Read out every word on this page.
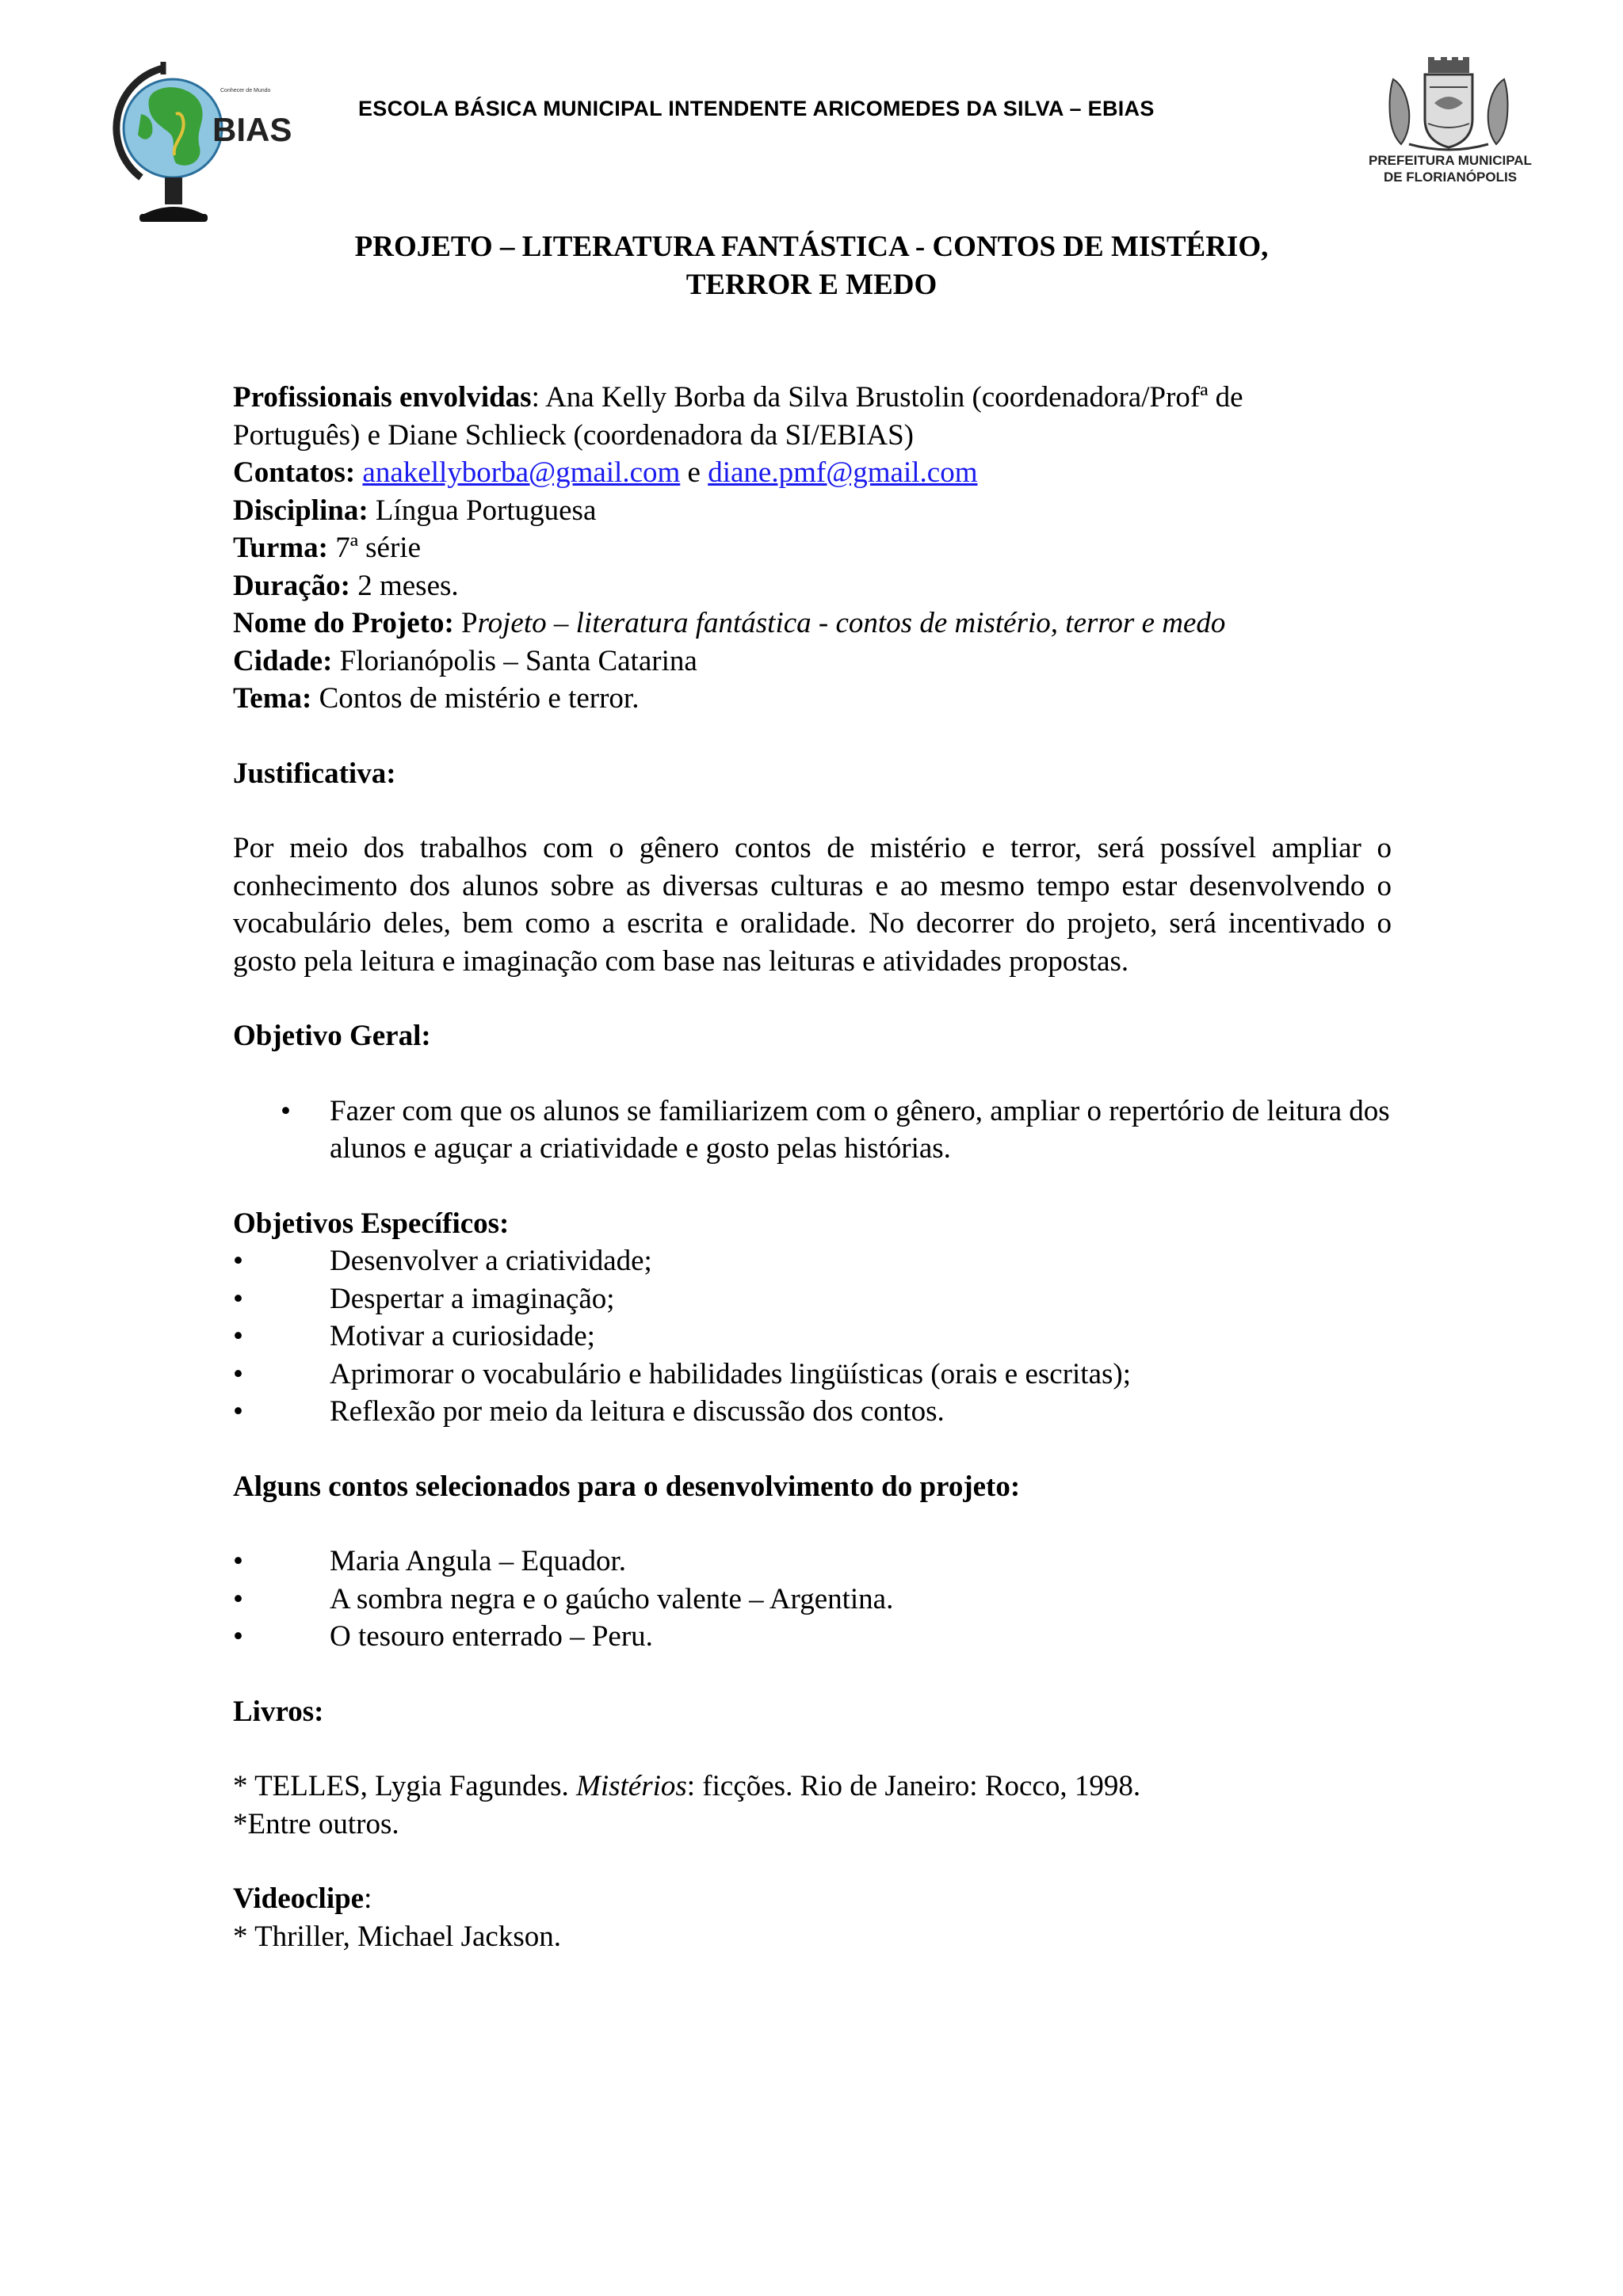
Conhecer de Mundo
BIAS
ESCOLA BÁSICA MUNICIPAL INTENDENTE ARICOMEDES DA SILVA – EBIAS
PREFEITURA MUNICIPAL
DE FLORIANÓPOLIS
PROJETO – LITERATURA FANTÁSTICA - CONTOS DE MISTÉRIO,
TERROR E MEDO

Profissionais envolvidas: Ana Kelly Borba da Silva Brustolin (coordenadora/Profª de

Português) e Diane Schlieck (coordenadora da SI/EBIAS)

Contatos: anakellyborba@gmail.com e diane.pmf@gmail.com

Disciplina: Língua Portuguesa

Turma: 7ª série

Duração: 2 meses.

Nome do Projeto: Projeto – literatura fantástica - contos de mistério, terror e medo

Cidade: Florianópolis – Santa Catarina

Tema: Contos de mistério e terror.

Justificativa:

Por meio dos trabalhos com o gênero contos de mistério e terror, será possível ampliar o conhecimento dos alunos sobre as diversas culturas e ao mesmo tempo estar desenvolvendo o vocabulário deles, bem como a escrita e oralidade. No decorrer do projeto, será incentivado o gosto pela leitura e imaginação com base nas leituras e atividades propostas.

Objetivo Geral:

•	Fazer com que os alunos se familiarizem com o gênero, ampliar o repertório de leitura dos alunos e aguçar a criatividade e gosto pelas histórias.

Objetivos Específicos:

•	Desenvolver a criatividade;
•	Despertar a imaginação;
•	Motivar a curiosidade;
•	Aprimorar o vocabulário e habilidades lingüísticas (orais e escritas);
•	Reflexão por meio da leitura e discussão dos contos.

Alguns contos selecionados para o desenvolvimento do projeto:

•	Maria Angula – Equador.
•	A sombra negra e o gaúcho valente – Argentina.
•	O tesouro enterrado – Peru.

Livros:

* TELLES, Lygia Fagundes. Mistérios: ficções. Rio de Janeiro: Rocco, 1998.

*Entre outros.

Videoclipe:

* Thriller, Michael Jackson.
